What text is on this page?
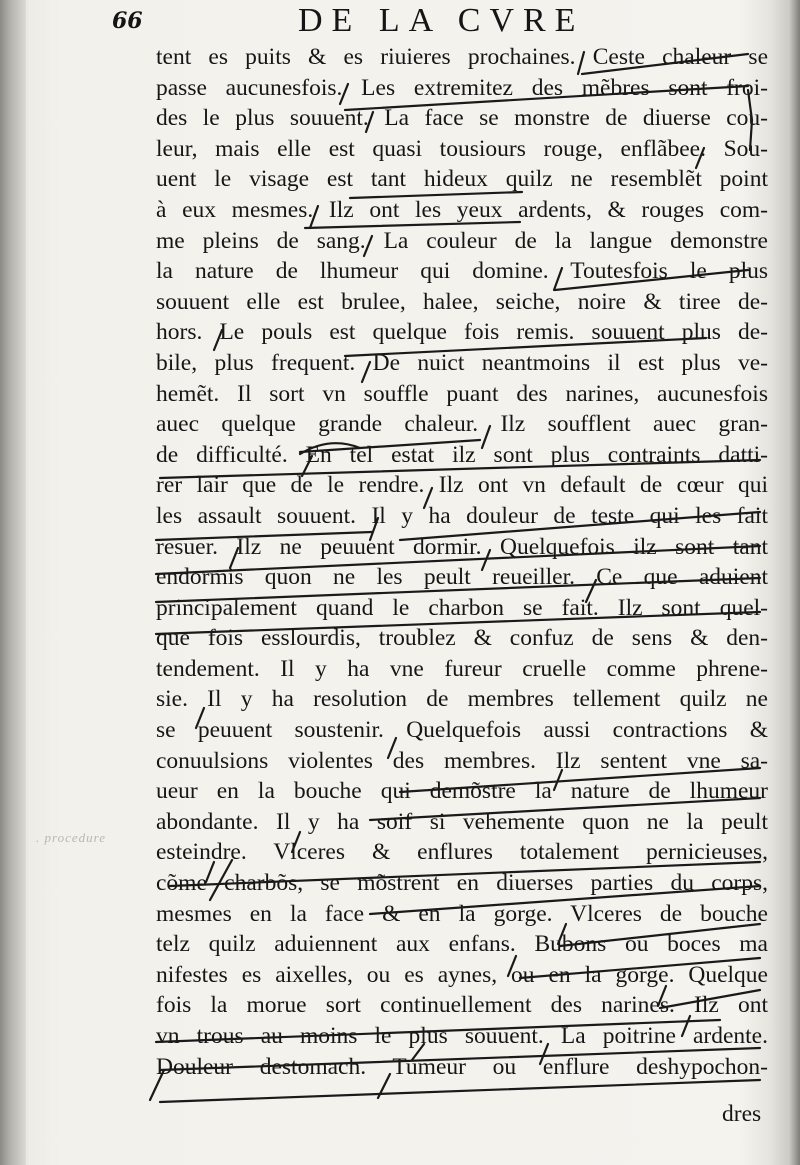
66	DE LA CVRE
. procedure
tent es puits & es riuieres prochaines. Ceste chaleur se
passe aucunesfois. Les extremitez des mẽbres sont froi-
des le plus souuent. La face se monstre de diuerse cou-
leur, mais elle est quasi tousiours rouge, enflãbee. Sou-
uent le visage est tant hideux quilz ne resemblẽt point
à eux mesmes. Ilz ont les yeux ardents, & rouges com-
me pleins de sang. La couleur de la langue demonstre
la nature de lhumeur qui domine. Toutesfois le plus
souuent elle est brulee, halee, seiche, noire & tiree de-
hors. Le pouls est quelque fois remis. souuent plus de-
bile, plus frequent. De nuict neantmoins il est plus ve-
hemẽt. Il sort vn souffle puant des narines, aucunesfois
auec quelque grande chaleur. Ilz soufflent auec gran-
de difficulté. En tel estat ilz sont plus contraints datti-
rer lair que de le rendre. Ilz ont vn default de cœur qui
les assault souuent. Il y ha douleur de teste qui les fait
resuer. Ilz ne peuuent dormir. Quelquefois ilz sont tant
endormis quon ne les peult reueiller. Ce que aduient
principalement quand le charbon se fait. Ilz sont quel-
que fois esslourdis, troublez & confuz de sens & den-
tendement. Il y ha vne fureur cruelle comme phrene-
sie. Il y ha resolution de membres tellement quilz ne
se peuuent soustenir. Quelquefois aussi contractions &
conuulsions violentes des membres. Ilz sentent vne sa-
ueur en la bouche qui demõstre la nature de lhumeur
abondante. Il y ha soif si vehemente quon ne la peult
esteindre. Vlceres & enflures totalement pernicieuses,
cõme charbõs, se mõstrent en diuerses parties du corps,
mesmes en la face & en la gorge. Vlceres de bouche
telz quilz aduiennent aux enfans. Bubons ou boces ma
nifestes es aixelles, ou es aynes, ou en la gorge. Quelque
fois la morue sort continuellement des narines. Ilz ont
vn trous au moins le plus souuent. La poitrine ardente.
Douleur destomach. Tumeur ou enflure deshypochon-
dres
